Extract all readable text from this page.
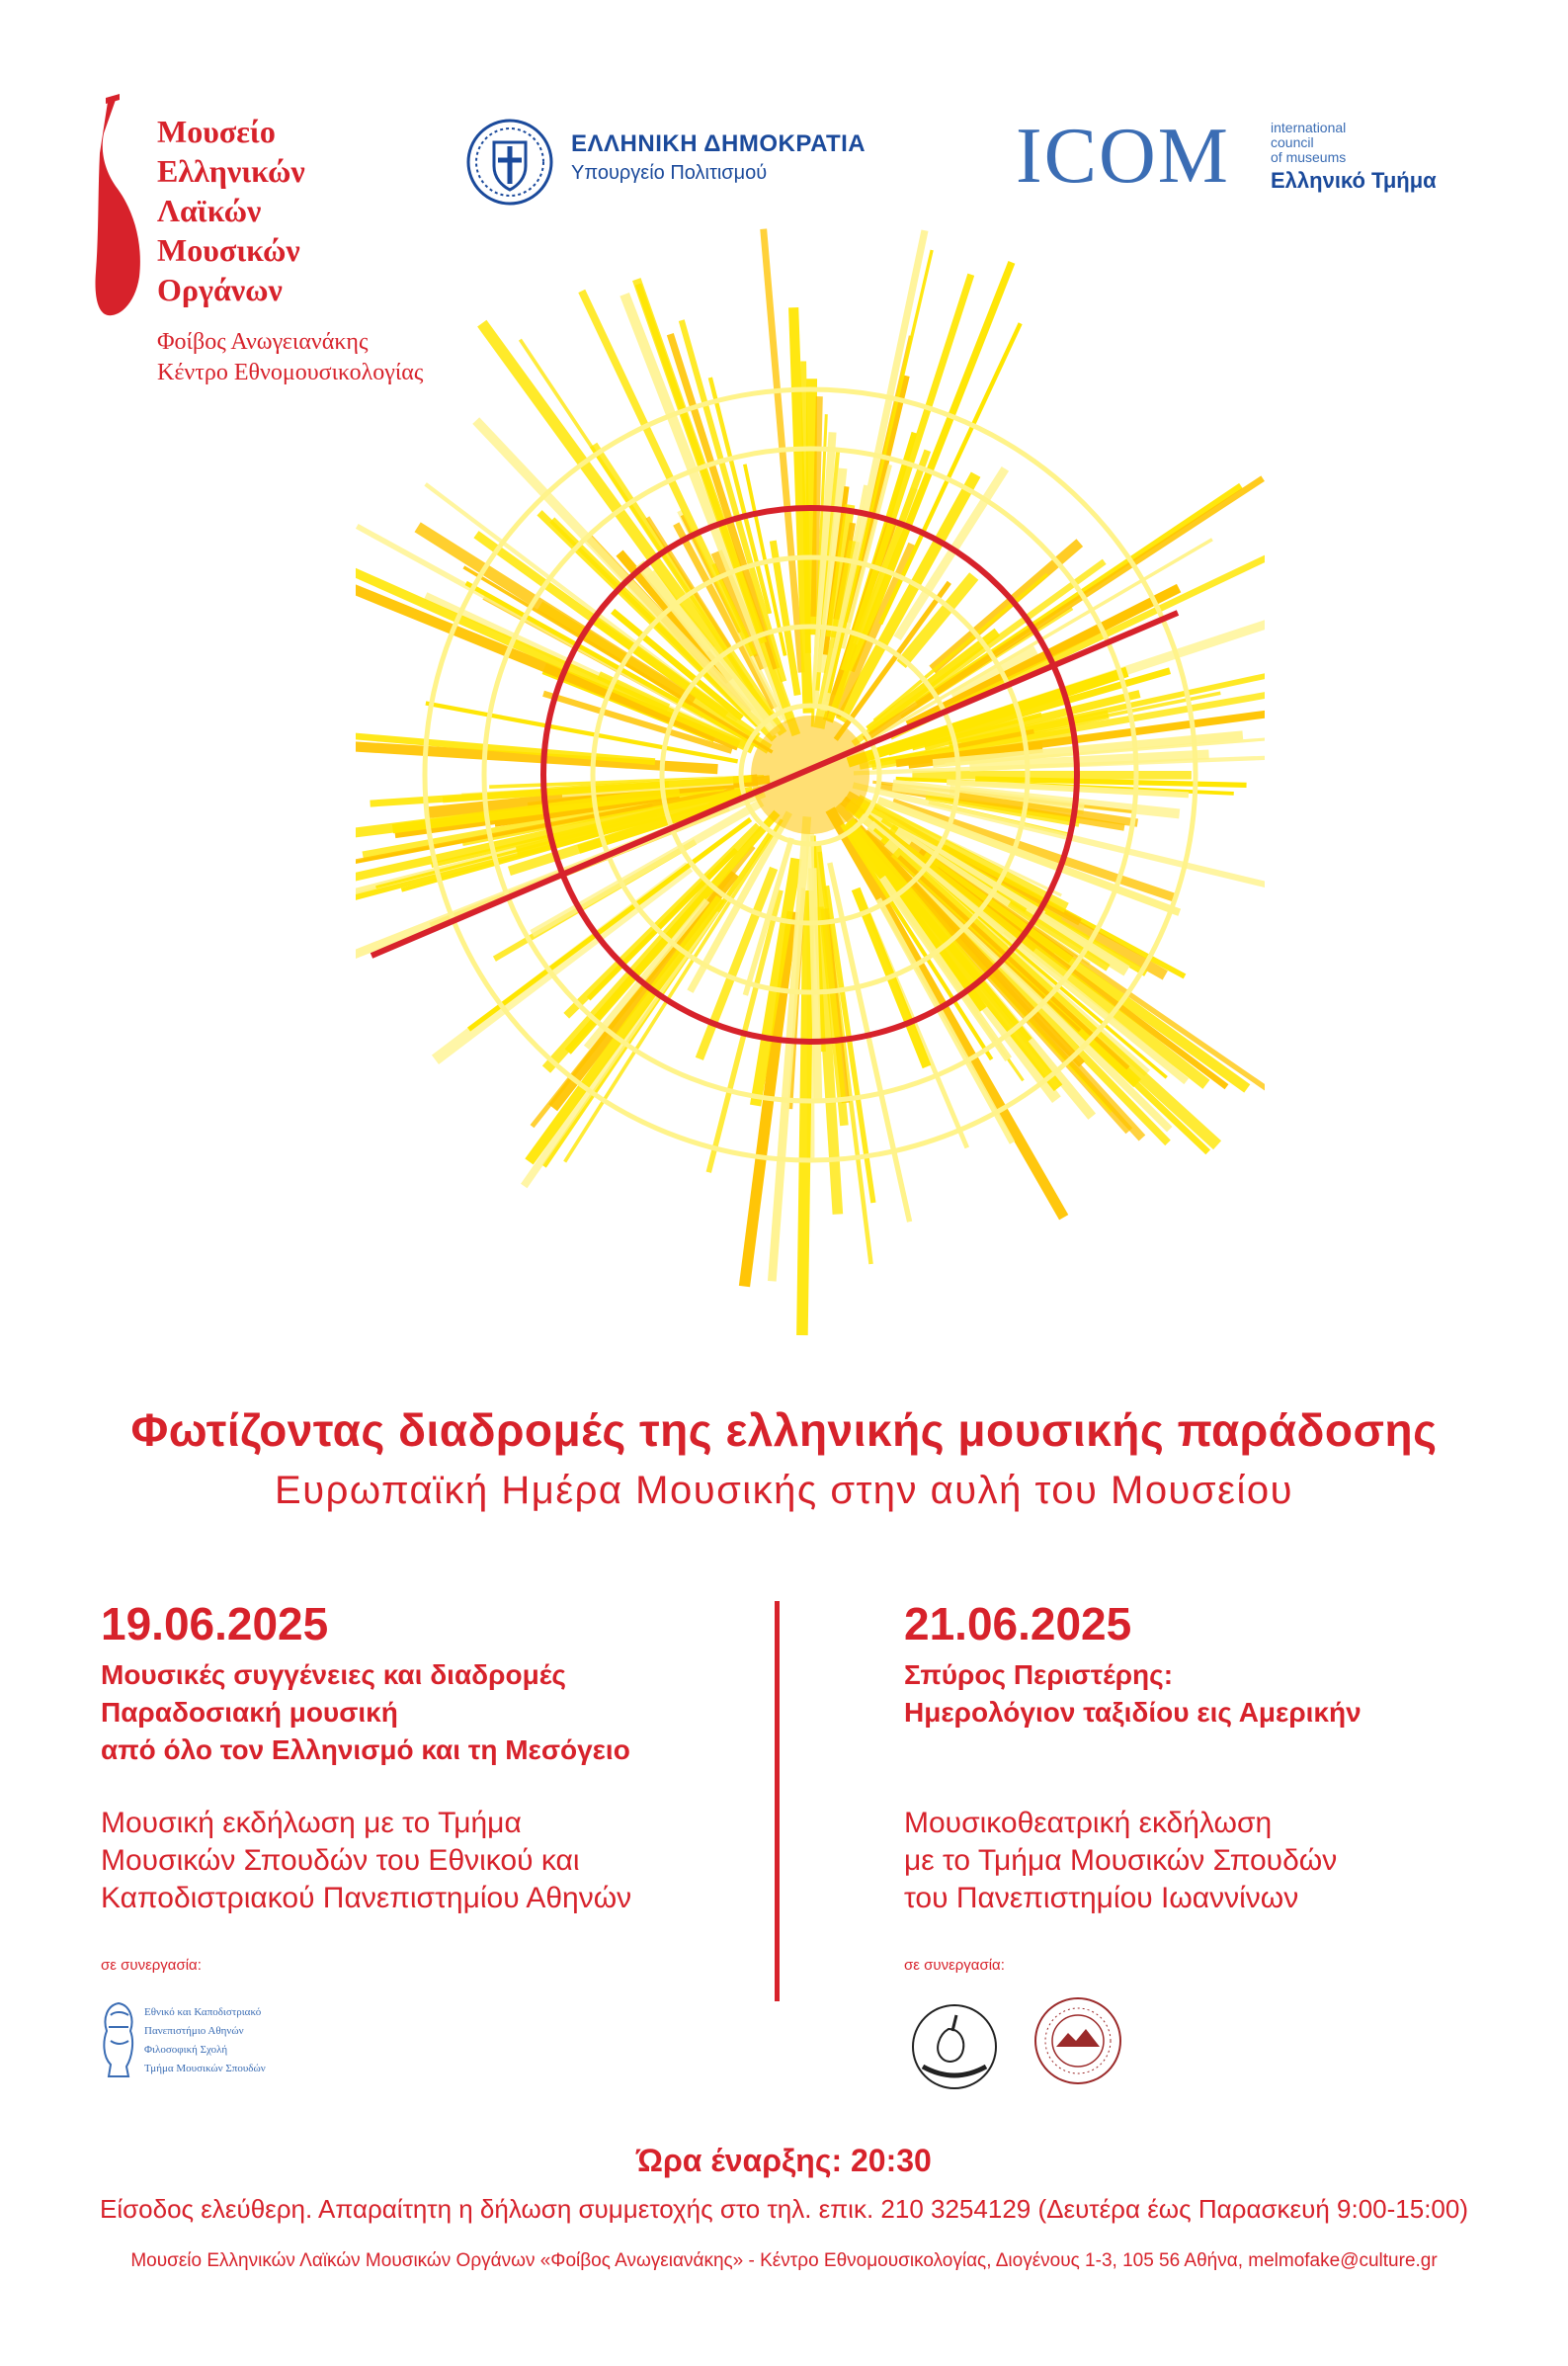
Μουσείο
Ελληνικών
Λαϊκών
Μουσικών
Οργάνων
Φοίβος Ανωγειανάκης
Κέντρο Εθνομουσικολογίας
ΕΛΛΗΝΙΚΗ ΔΗΜΟΚΡΑΤΙΑ
Υπουργείο Πολιτισμού	ICOM	international
council
of museums
Ελληνικό Τμήμα
Φωτίζοντας διαδρομές της ελληνικής μουσικής παράδοσης
Ευρωπαϊκή Ημέρα Μουσικής στην αυλή του Μουσείου
19.06.2025
Μουσικές συγγένειες και διαδρομές
Παραδοσιακή μουσική
από όλο τον Ελληνισμό και τη Μεσόγειο
Μουσική εκδήλωση με το Τμήμα
Μουσικών Σπουδών του Εθνικού και
Καποδιστριακού Πανεπιστημίου Αθηνών
σε συνεργασία:
Εθνικό και Καποδιστριακό
Πανεπιστήμιο Αθηνών
Φιλοσοφική Σχολή
Τμήμα Μουσικών Σπουδών
21.06.2025
Σπύρος Περιστέρης:
Ημερολόγιον ταξιδίου εις Αμερικήν
Μουσικοθεατρική εκδήλωση
με το Τμήμα Μουσικών Σπουδών
του Πανεπιστημίου Ιωαννίνων
σε συνεργασία:
Ώρα έναρξης: 20:30
Είσοδος ελεύθερη. Απαραίτητη η δήλωση συμμετοχής στο τηλ. επικ. 210 3254129 (Δευτέρα έως Παρασκευή 9:00-15:00)
Μουσείο Ελληνικών Λαϊκών Μουσικών Οργάνων «Φοίβος Ανωγειανάκης» - Κέντρο Εθνομουσικολογίας, Διογένους 1-3, 105 56 Αθήνα, melmofake@culture.gr
